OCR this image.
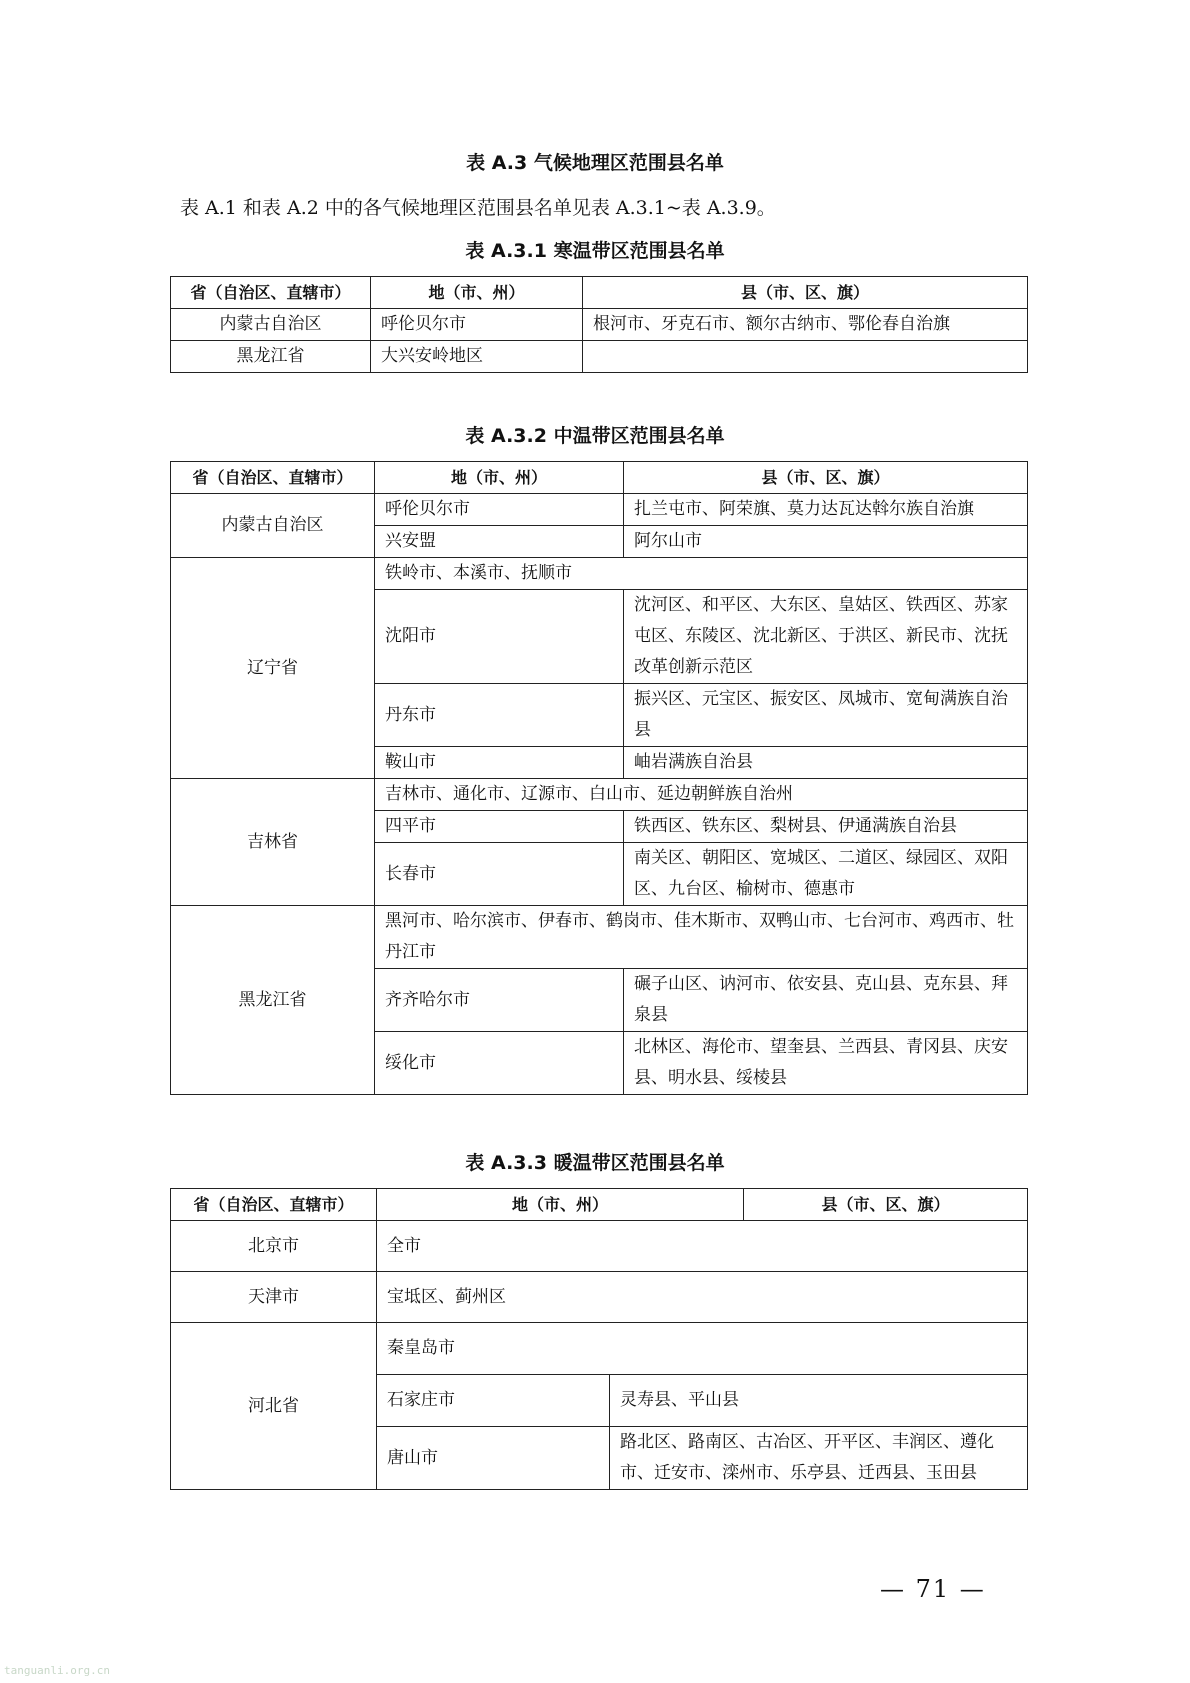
表 A.3 气候地理区范围县名单
表 A.1 和表 A.2 中的各气候地理区范围县名单见表 A.3.1~表 A.3.9。
表 A.3.1 寒温带区范围县名单
省（自治区、直辖市）	地（市、州）	县（市、区、旗）
内蒙古自治区	呼伦贝尔市	根河市、牙克石市、额尔古纳市、鄂伦春自治旗
黑龙江省	大兴安岭地区	
表 A.3.2 中温带区范围县名单
省（自治区、直辖市）	地（市、州）	县（市、区、旗）
内蒙古自治区	呼伦贝尔市	扎兰屯市、阿荣旗、莫力达瓦达斡尔族自治旗
	兴安盟	阿尔山市
辽宁省	铁岭市、本溪市、抚顺市	
	沈阳市	沈河区、和平区、大东区、皇姑区、铁西区、苏家屯区、东陵区、沈北新区、于洪区、新民市、沈抚改革创新示范区
	丹东市	振兴区、元宝区、振安区、凤城市、宽甸满族自治县
	鞍山市	岫岩满族自治县
吉林省	吉林市、通化市、辽源市、白山市、延边朝鲜族自治州	
	四平市	铁西区、铁东区、梨树县、伊通满族自治县
	长春市	南关区、朝阳区、宽城区、二道区、绿园区、双阳区、九台区、榆树市、德惠市
黑龙江省	黑河市、哈尔滨市、伊春市、鹤岗市、佳木斯市、双鸭山市、七台河市、鸡西市、牡丹江市	
	齐齐哈尔市	碾子山区、讷河市、依安县、克山县、克东县、拜泉县
	绥化市	北林区、海伦市、望奎县、兰西县、青冈县、庆安县、明水县、绥棱县
表 A.3.3 暖温带区范围县名单
省（自治区、直辖市）	地（市、州）		县（市、区、旗）
北京市	全市		
天津市	宝坻区、蓟州区		
河北省	秦皇岛市		
	石家庄市	灵寿县、平山县	
	唐山市	路北区、路南区、古冶区、开平区、丰润区、遵化市、迁安市、滦州市、乐亭县、迁西县、玉田县	
— 71 —
tanguanli.org.cn
